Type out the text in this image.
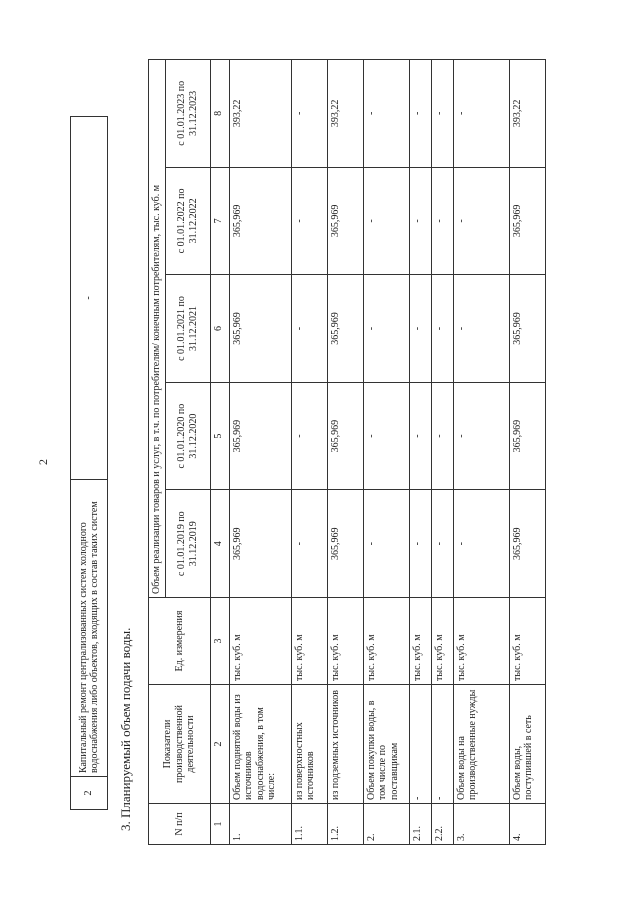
2
2	Капитальный ремонт централизованных систем холодного водоснабжения либо объектов, входящих в состав таких систем	-
3. Планируемый объем подачи воды.	N п/п	Показатели производственной деятельности	Ед. измерения	Объем реализации товаров и услуг, в т.ч. по потребителям/ конечным потребителям, тыс. куб. м				
			с 01.01.2019 по 31.12.2019	с 01.01.2020 по 31.12.2020	с 01.01.2021 по 31.12.2021	с 01.01.2022 по 31.12.2022	с 01.01.2023 по 31.12.2023
1	2	3	4	5	6	7	8
1.	Объем поднятой воды из источников водоснабжения, в том числе:	тыс. куб. м	365,969	365,969	365,969	365,969	393,22
1.1.	из поверхностных источников	тыс. куб. м	-	-	-	-	-
1.2.	из подземных источников	тыс. куб. м	365,969	365,969	365,969	365,969	393,22
2.	Объем покупки воды, в том числе по поставщикам	тыс. куб. м	-	-	-	-	-
2.1.	-	тыс. куб. м	-	-	-	-	-
2.2.	-	тыс. куб. м	-	-	-	-	-
3.	Объем воды на производственные нужды	тыс. куб. м	-	-	-	-	-
4.	Объем воды, поступившей в сеть	тыс. куб. м	365,969	365,969	365,969	365,969	393,22
